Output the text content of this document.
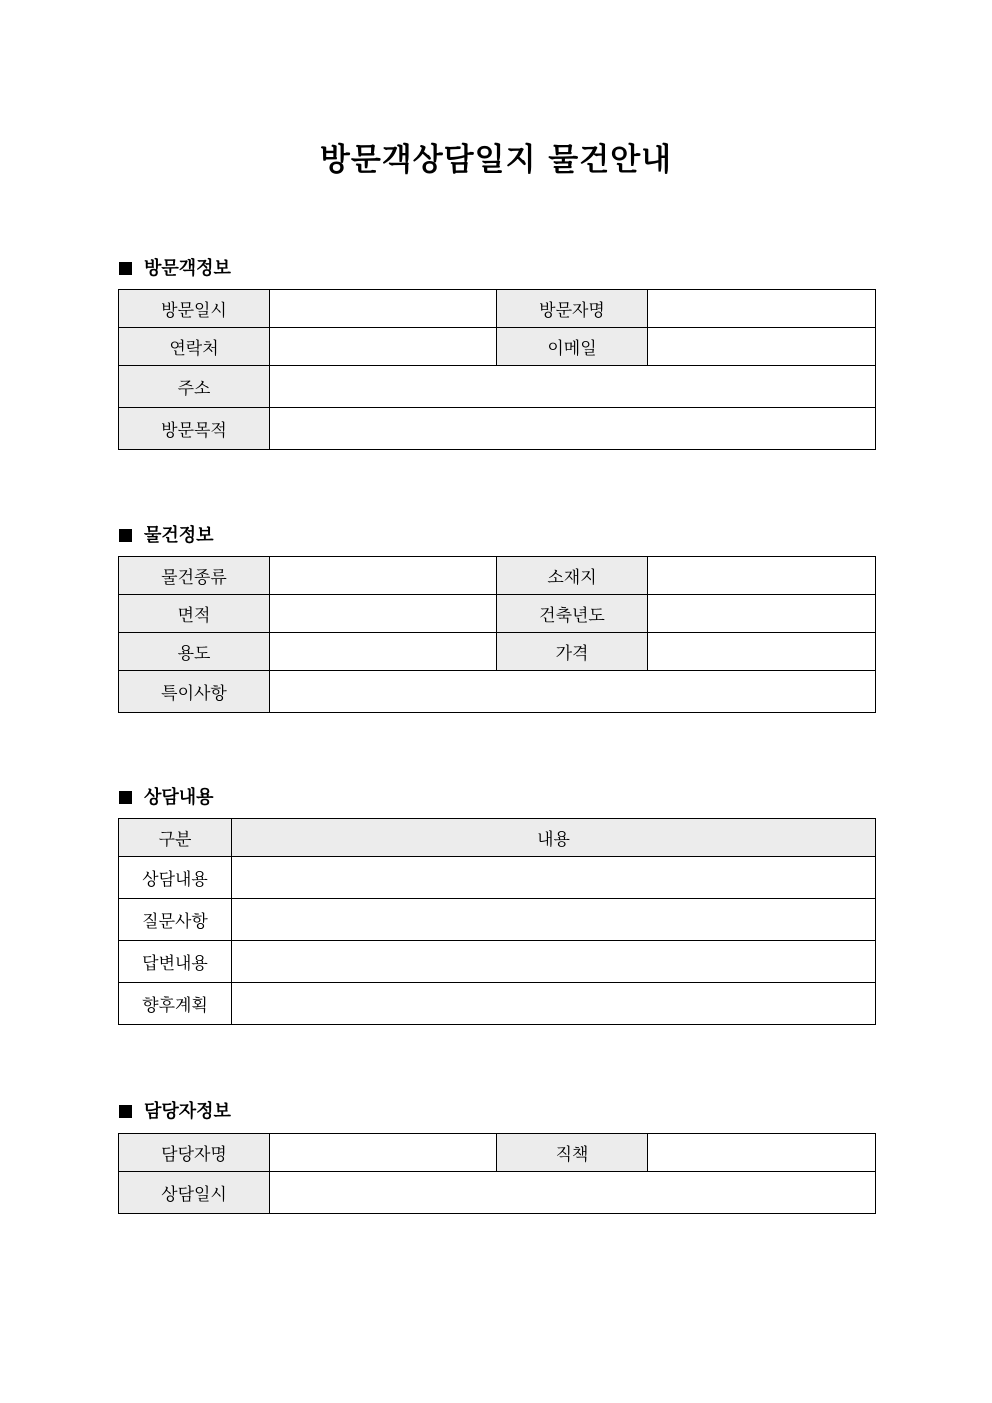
방문객상담일지 물건안내
방문객정보
방문일시		방문자명	
연락처		이메일	
주소			
방문목적			
물건정보
물건종류		소재지	
면적		건축년도	
용도		가격	
특이사항			
상담내용
구분	내용
상담내용	
질문사항	
답변내용	
향후계획	
담당자정보
담당자명		직책	
상담일시			
